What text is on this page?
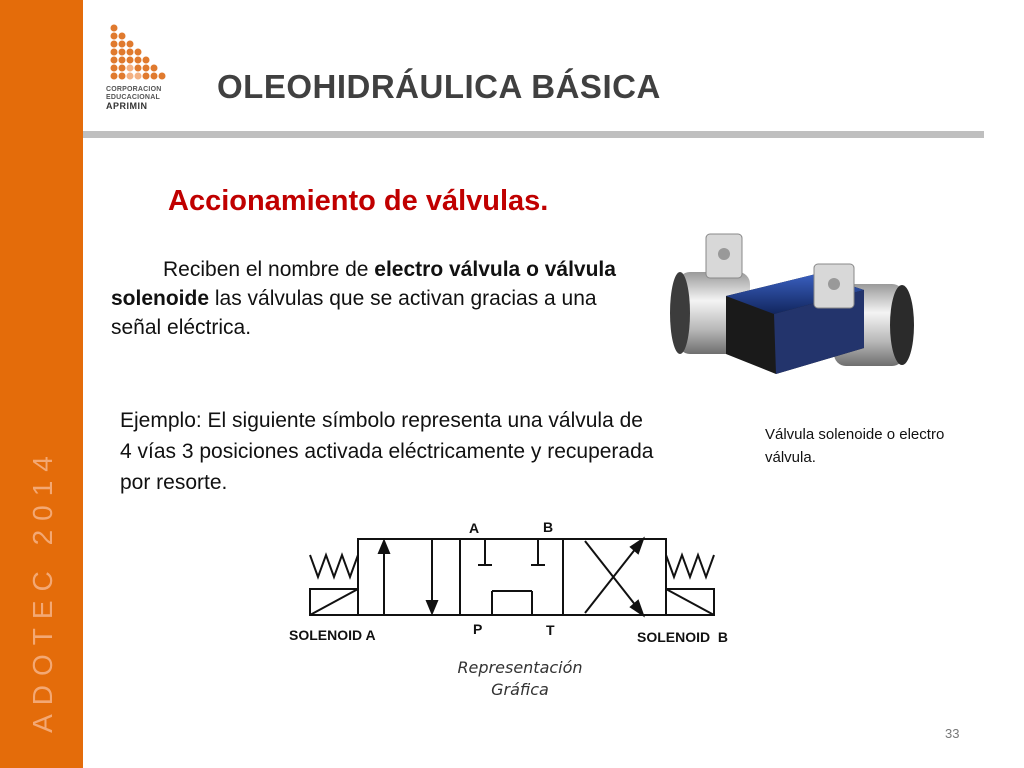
ADOTEC 2014
CORPORACION
EDUCACIONAL
APRIMIN
OLEOHIDRÁULICA BÁSICA
Accionamiento de válvulas.

Reciben el nombre de electro válvula o válvula solenoide las válvulas que se activan gracias a una señal eléctrica.

Ejemplo: El siguiente símbolo representa una válvula de 4 vías 3 posiciones activada eléctricamente y recuperada por resorte.

Válvula solenoide o electro válvula.

A	B
P	T
SOLENOID A	SOLENOID  B
Representación
Gráfica
33
